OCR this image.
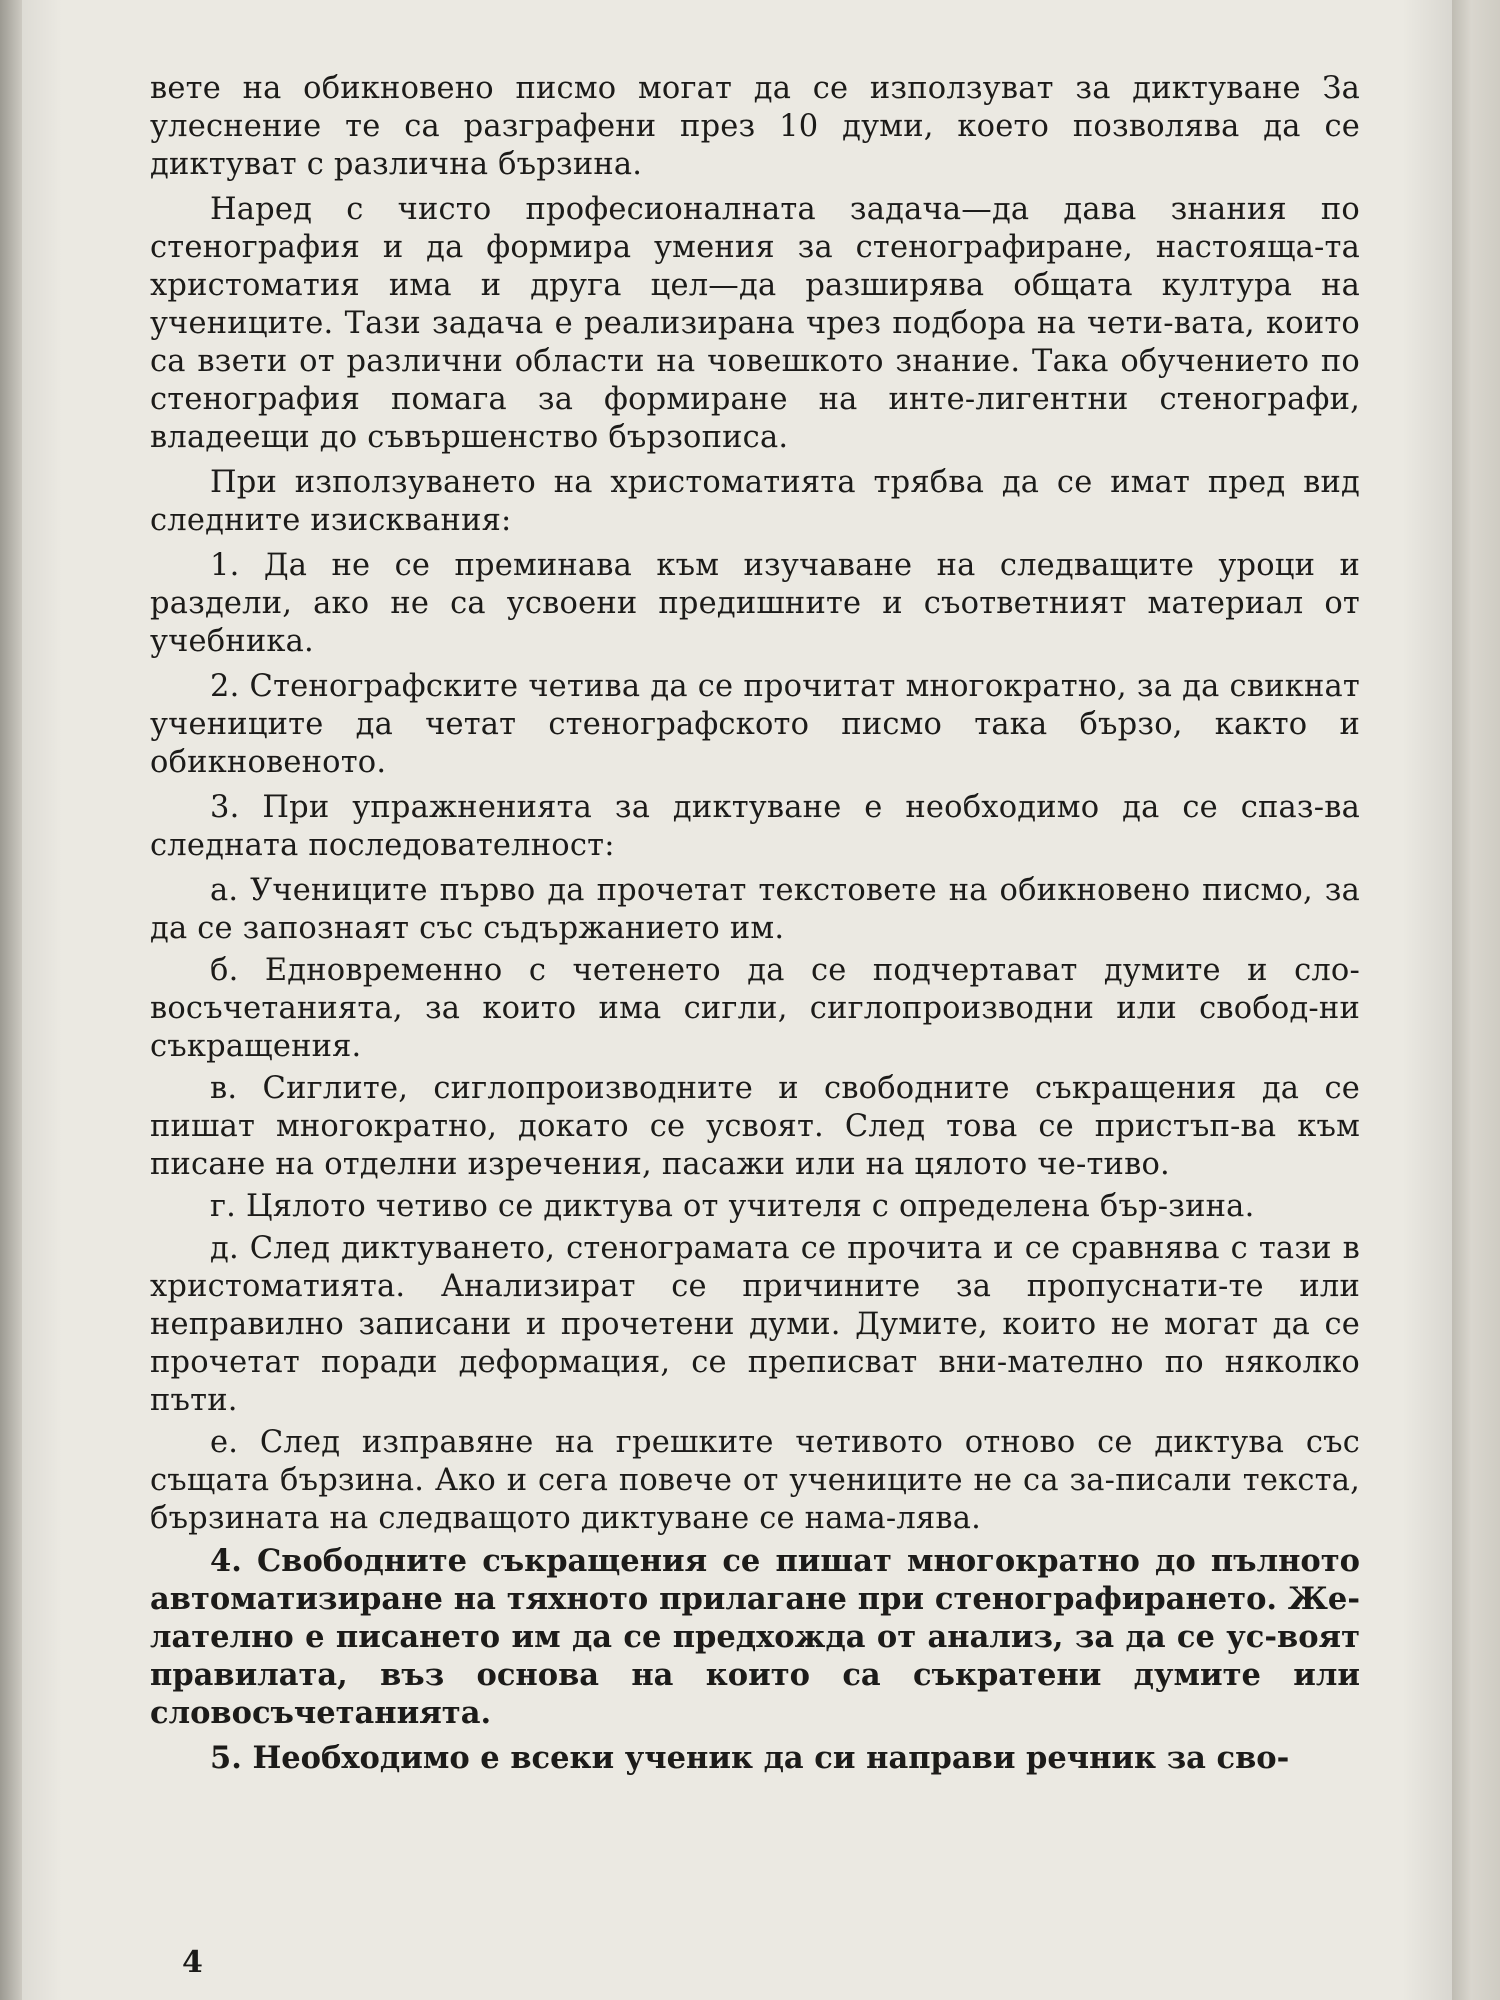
вете на обикновено писмо могат да се използуват за диктуване За улеснение те са разграфени през 10 думи, което позволява да се диктуват с различна бързина.

Наред с чисто професионалната задача—да дава знания по стенография и да формира умения за стенографиране, настояща-та христоматия има и друга цел—да разширява общата култура на учениците. Тази задача е реализирана чрез подбора на чети-вата, които са взети от различни области на човешкото знание. Така обучението по стенография помага за формиране на инте-лигентни стенографи, владеещи до съвършенство бързописа.

При използуването на христоматията трябва да се имат пред вид следните изисквания:

1. Да не се преминава към изучаване на следващите уроци и раздели, ако не са усвоени предишните и съответният материал от учебника.

2. Стенографските четива да се прочитат многократно, за да свикнат учениците да четат стенографското писмо така бързо, както и обикновеното.

3. При упражненията за диктуване е необходимо да се спаз-ва следната последователност:

а. Учениците първо да прочетат текстовете на обикновено писмо, за да се запознаят със съдържанието им.

б. Едновременно с четенето да се подчертават думите и сло-восъчетанията, за които има сигли, сиглопроизводни или свобод-ни съкращения.

в. Сиглите, сиглопроизводните и свободните съкращения да се пишат многократно, докато се усвоят. След това се пристъп-ва към писане на отделни изречения, пасажи или на цялото че-тиво.

г. Цялото четиво се диктува от учителя с определена бър-зина.

д. След диктуването, стенограмата се прочита и се сравнява с тази в христоматията. Анализират се причините за пропуснати-те или неправилно записани и прочетени думи. Думите, които не могат да се прочетат поради деформация, се преписват вни-мателно по няколко пъти.

е. След изправяне на грешките четивото отново се диктува със същата бързина. Ако и сега повече от учениците не са за-писали текста, бързината на следващото диктуване се нама-лява.

4. Свободните съкращения се пишат многократно до пълното автоматизиране на тяхното прилагане при стенографирането. Же-лателно е писането им да се предхожда от анализ, за да се ус-воят правилата, въз основа на които са съкратени думите или словосъчетанията.

5. Необходимо е всеки ученик да си направи речник за сво-

4
